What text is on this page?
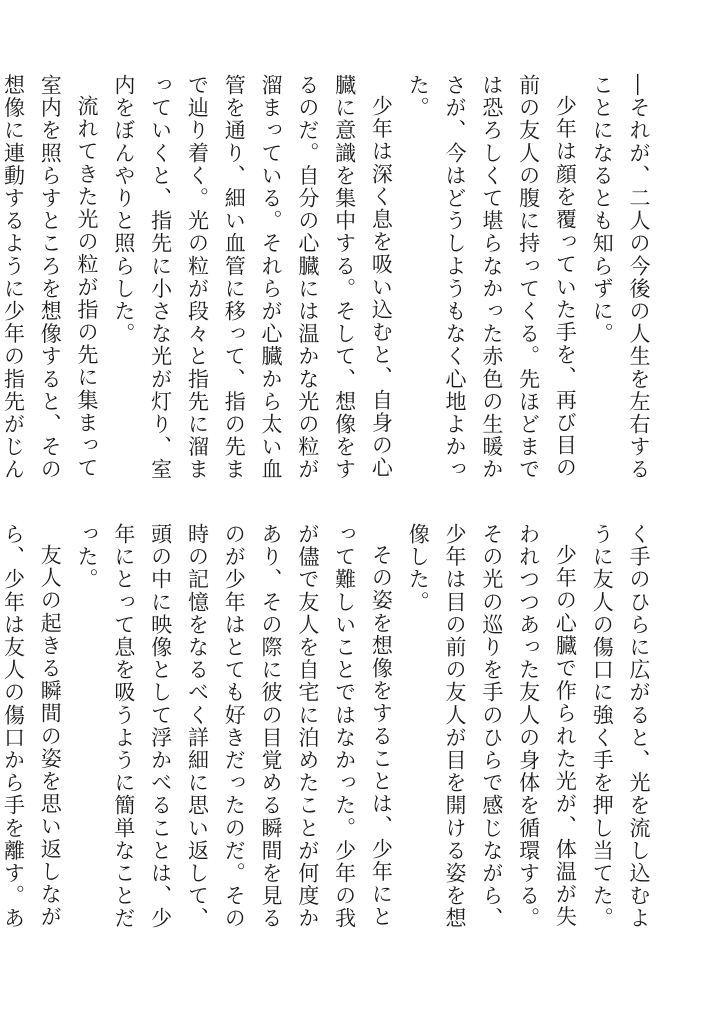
―それが、二人の今後の人生を左右することになるとも知らずに。

少年は顔を覆っていた手を、再び目の前の友人の腹に持ってくる。先ほどまでは恐ろしくて堪らなかった赤色の生暖かさが、今はどうしようもなく心地よかった。

少年は深く息を吸い込むと、自身の心臓に意識を集中する。そして、想像をするのだ。自分の心臓には温かな光の粒が溜まっている。それらが心臓から太い血管を通り、細い血管に移って、指の先まで辿り着く。光の粒が段々と指先に溜まっていくと、指先に小さな光が灯り、室内をぼんやりと照らした。

流れてきた光の粒が指の先に集まって室内を照らすところを想像すると、その想像に連動するように少年の指先がじん

く手のひらに広がると、光を流し込むように友人の傷口に強く手を押し当てた。

少年の心臓で作られた光が、体温が失われつつあった友人の身体を循環する。その光の巡りを手のひらで感じながら、少年は目の前の友人が目を開ける姿を想像した。

その姿を想像をすることは、少年にとって難しいことではなかった。少年の我が儘で友人を自宅に泊めたことが何度かあり、その際に彼の目覚める瞬間を見るのが少年はとても好きだったのだ。その時の記憶をなるべく詳細に思い返して、頭の中に映像として浮かべることは、少年にとって息を吸うように簡単なことだった。

友人の起きる瞬間の姿を思い返しながら、少年は友人の傷口から手を離す。あ
